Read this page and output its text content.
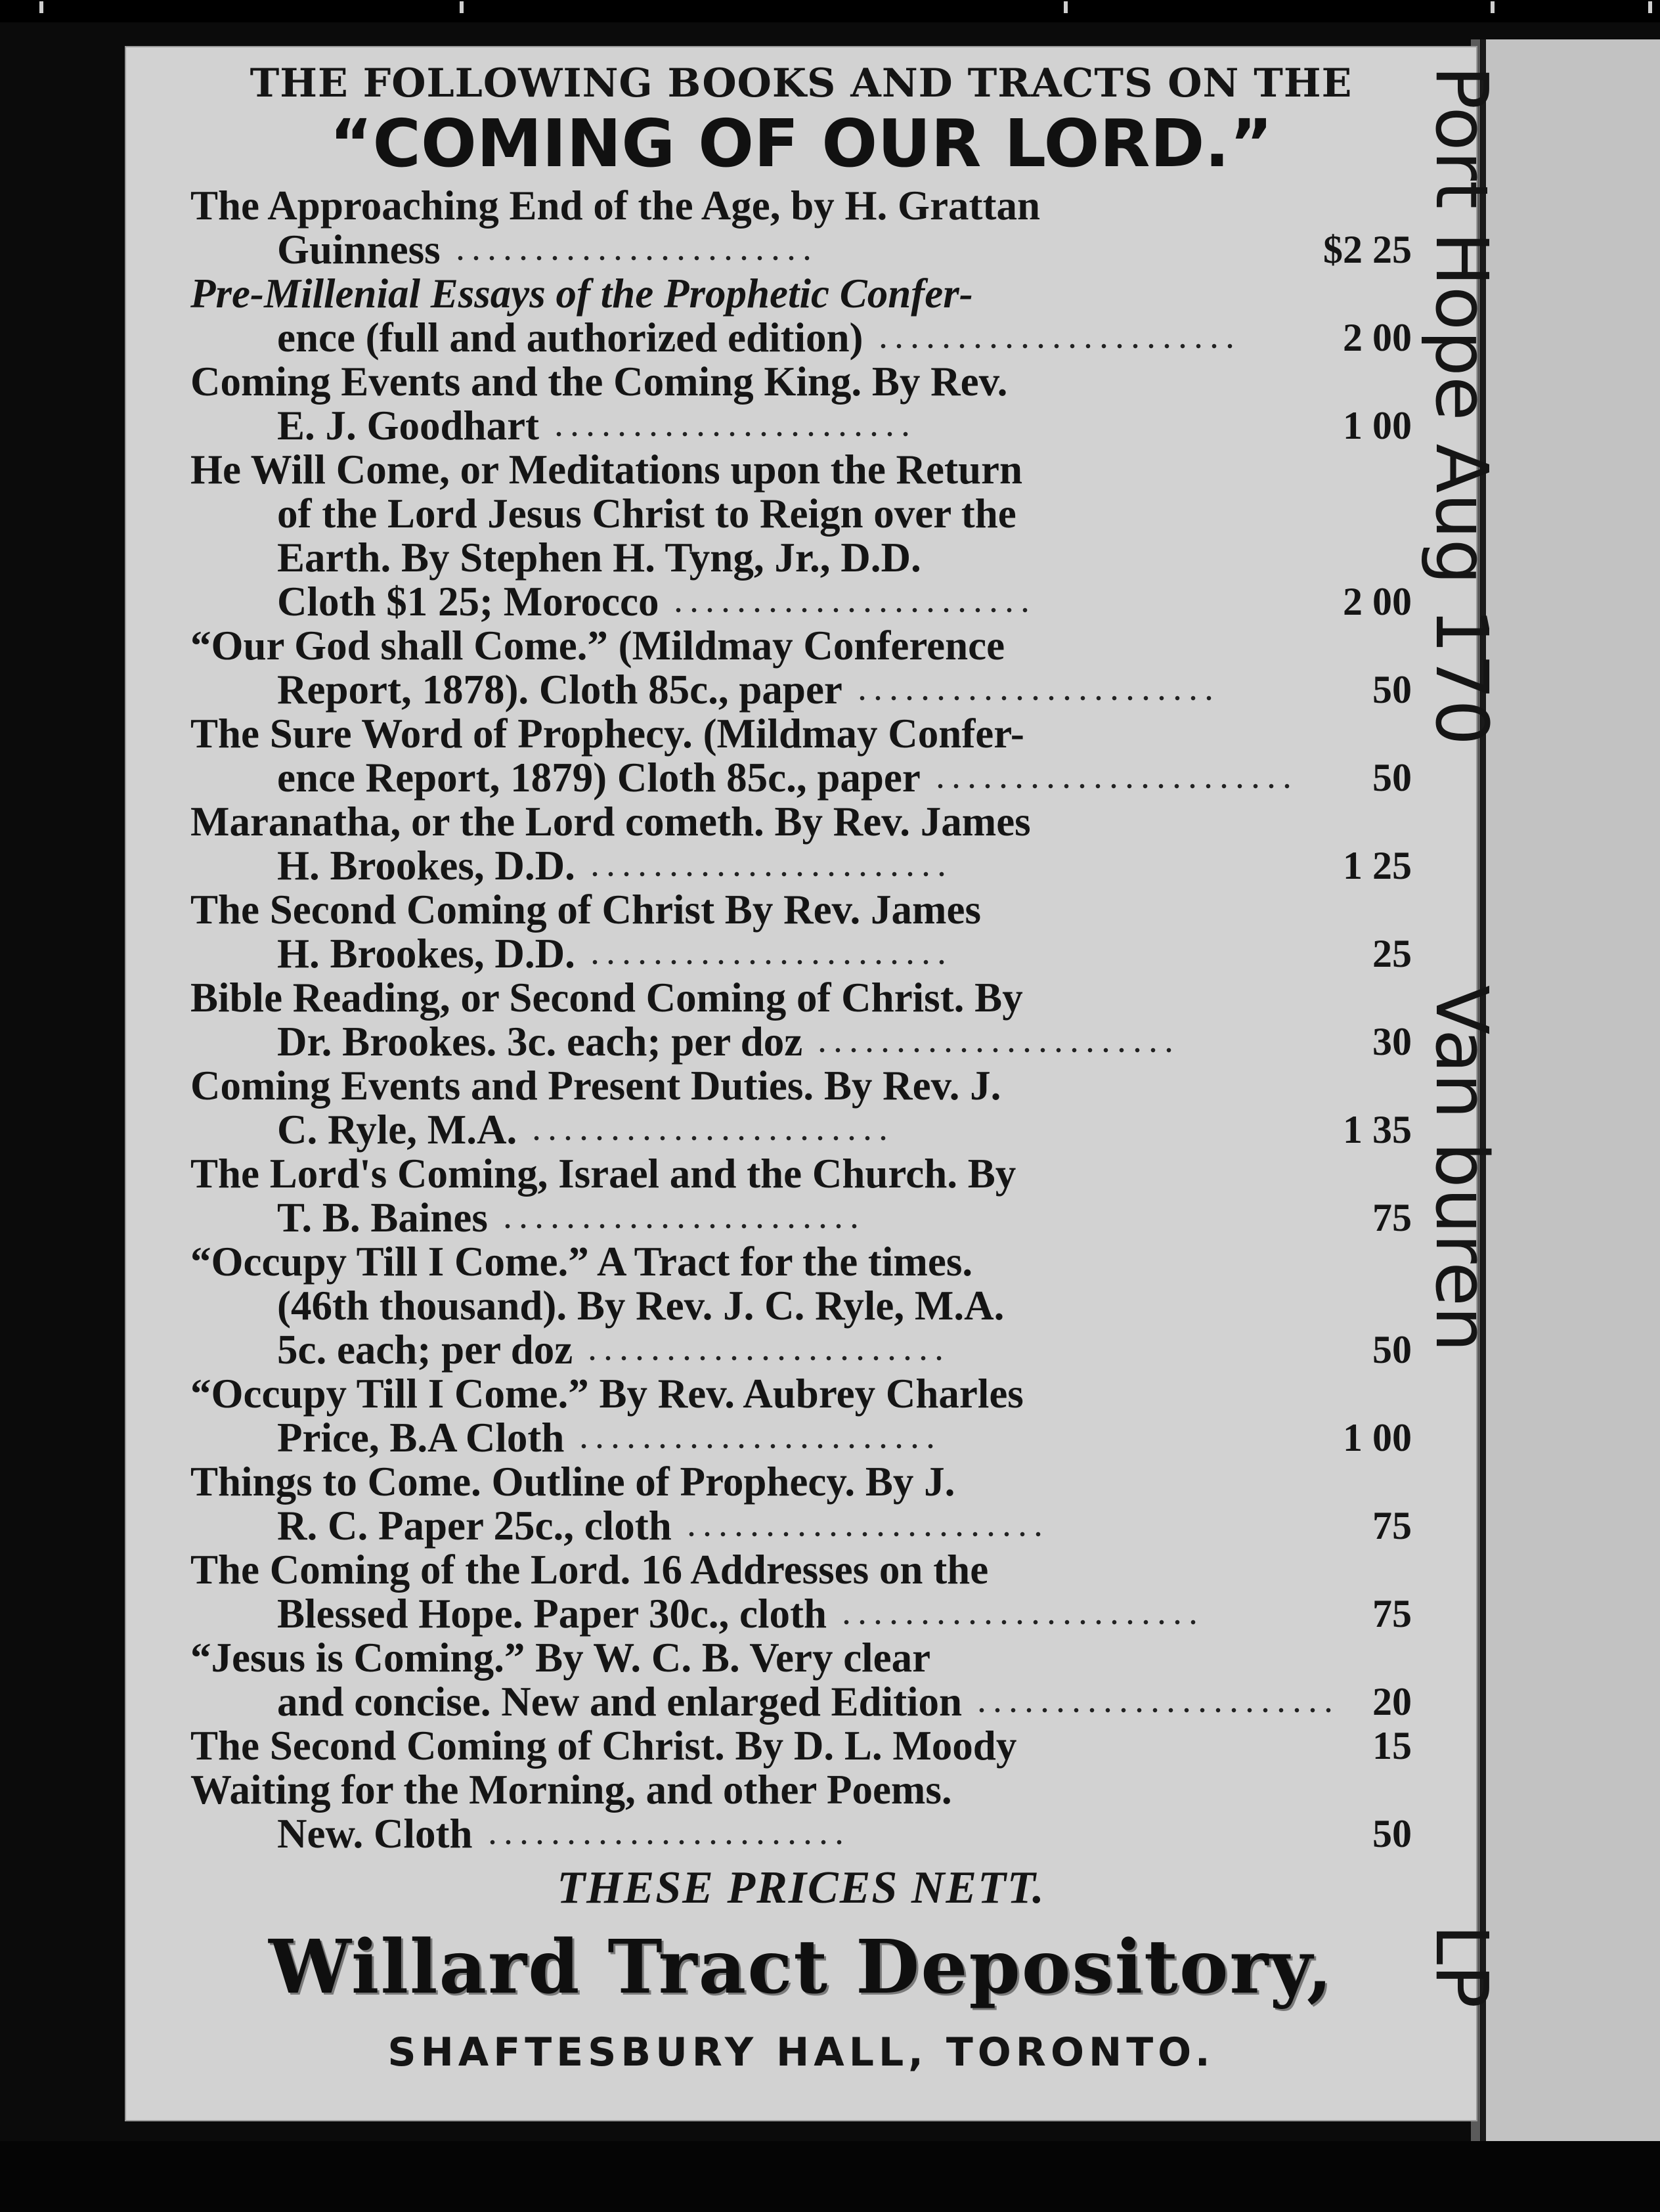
THE FOLLOWING BOOKS AND TRACTS ON THE
“COMING OF OUR LORD.”
The Approaching End of the Age, by H. Grattan
Guinness	$2 25
Pre-Millenial Essays of the Prophetic Confer-
ence (full and authorized edition)	2 00
Coming Events and the Coming King. By Rev.
E. J. Goodhart	1 00
He Will Come, or Meditations upon the Return
of the Lord Jesus Christ to Reign over the
Earth. By Stephen H. Tyng, Jr., D.D.
Cloth $1 25; Morocco	2 00
“Our God shall Come.” (Mildmay Conference
Report, 1878). Cloth 85c., paper	50
The Sure Word of Prophecy. (Mildmay Confer-
ence Report, 1879) Cloth 85c., paper	50
Maranatha, or the Lord cometh. By Rev. James
H. Brookes, D.D.	1 25
The Second Coming of Christ By Rev. James
H. Brookes, D.D.	25
Bible Reading, or Second Coming of Christ. By
Dr. Brookes. 3c. each; per doz	30
Coming Events and Present Duties. By Rev. J.
C. Ryle, M.A.	1 35
The Lord's Coming, Israel and the Church. By
T. B. Baines	75
“Occupy Till I Come.” A Tract for the times.
(46th thousand). By Rev. J. C. Ryle, M.A.
5c. each; per doz	50
“Occupy Till I Come.” By Rev. Aubrey Charles
Price, B.A Cloth	1 00
Things to Come. Outline of Prophecy. By J.
R. C. Paper 25c., cloth	75
The Coming of the Lord. 16 Addresses on the
Blessed Hope. Paper 30c., cloth	75
“Jesus is Coming.” By W. C. B. Very clear
and concise. New and enlarged Edition	20
The Second Coming of Christ. By D. L. Moody	15
Waiting for the Morning, and other Poems.
New. Cloth	50
THESE PRICES NETT.
Willard Tract Depository,
SHAFTESBURY HALL, TORONTO.
Port Hope Aug 170
Van buren
LP
